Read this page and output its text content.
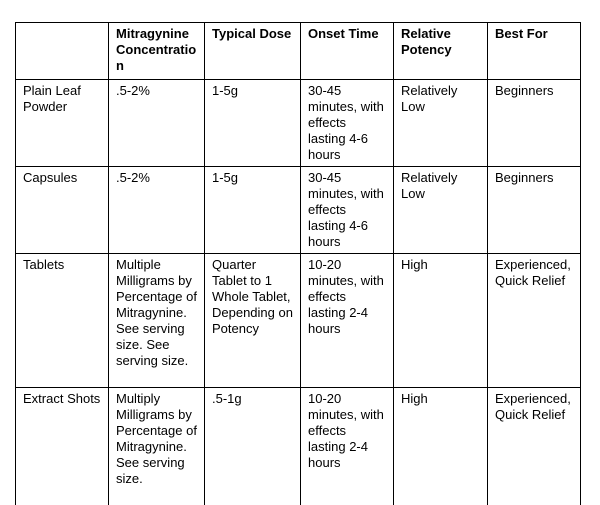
	Mitragynine Concentration	Typical Dose	Onset Time	Relative Potency	Best For
Plain Leaf Powder	.5-2%	1-5g	30-45 minutes, with effects lasting 4-6 hours	Relatively Low	Beginners
Capsules	.5-2%	1-5g	30-45 minutes, with effects lasting 4-6 hours	Relatively Low	Beginners
Tablets	Multiple Milligrams by Percentage of Mitragynine. See serving size. See serving size.	Quarter Tablet to 1 Whole Tablet, Depending on Potency	10-20 minutes, with effects lasting 2-4 hours	High	Experienced, Quick Relief
Extract Shots	Multiply Milligrams by Percentage of Mitragynine. See serving size.	.5-1g	10-20 minutes, with effects lasting 2-4 hours	High	Experienced, Quick Relief
